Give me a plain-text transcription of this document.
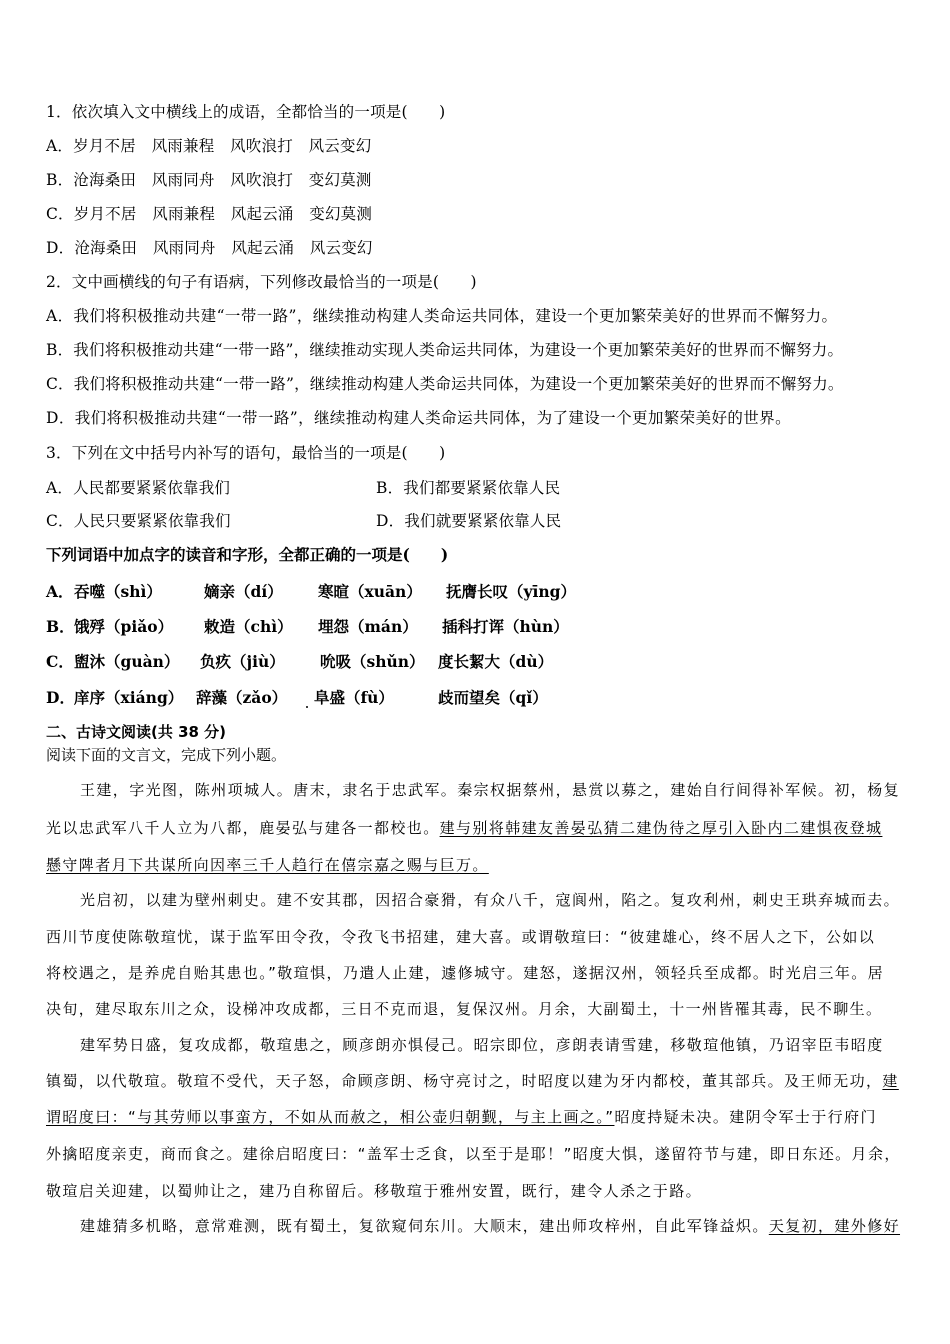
1．依次填入文中横线上的成语，全都恰当的一项是(　　)
A．岁月不居　风雨兼程　风吹浪打　风云变幻
B．沧海桑田　风雨同舟　风吹浪打　变幻莫测
C．岁月不居　风雨兼程　风起云涌　变幻莫测
D．沧海桑田　风雨同舟　风起云涌　风云变幻
2．文中画横线的句子有语病，下列修改最恰当的一项是(　　)
A．我们将积极推动共建“一带一路”，继续推动构建人类命运共同体，建设一个更加繁荣美好的世界而不懈努力。
B．我们将积极推动共建“一带一路”，继续推动实现人类命运共同体，为建设一个更加繁荣美好的世界而不懈努力。
C．我们将积极推动共建“一带一路”，继续推动构建人类命运共同体，为建设一个更加繁荣美好的世界而不懈努力。
D．我们将积极推动共建“一带一路”，继续推动构建人类命运共同体，为了建设一个更加繁荣美好的世界。
3．下列在文中括号内补写的语句，最恰当的一项是(　　)
A．人民都要紧紧依靠我们	B．我们都要紧紧依靠人民
C．人民只要紧紧依靠我们	D．我们就要紧紧依靠人民
下列词语中加点字的读音和字形，全都正确的一项是(　　)
A． 吞噬（shì）	嫡亲（dí） 寒暄（xuān） 抚膺长叹（yīng）
B． 饿殍（piǎo） 敕造（chì） 埋怨（mán） 插科打诨（hùn）
C． 盥沐（guàn） 负疚（jiù） 吮吸（shǔn） 度长絜大（dù）
D． 庠序（xiáng） 辞藻（zǎo） 阜盛（fù）	歧而望矣（qǐ）
二、古诗文阅读(共 38 分)
阅读下面的文言文，完成下列小题。
王建，字光图，陈州项城人。唐末，隶名于忠武军。秦宗权据蔡州，悬赏以募之，建始自行间得补军候。初，杨复
光以忠武军八千人立为八都，鹿晏弘与建各一都校也。建与别将韩建友善晏弘猜二建伪待之厚引入卧内二建惧夜登城
懸守陴者月下共谋所向因率三千人趋行在僖宗嘉之赐与巨万。
光启初，以建为壁州刺史。建不安其郡，因招合豪猾，有众八千，寇阆州，陷之。复攻利州，刺史王珙弃城而去。
西川节度使陈敬瑄忧，谋于监军田令孜，令孜飞书招建，建大喜。或谓敬瑄曰：“彼建雄心，终不居人之下，公如以
将校遇之，是养虎自贻其患也。”敬瑄惧，乃遣人止建，遽修城守。建怒，遂据汉州，领轻兵至成都。时光启三年。居
决旬，建尽取东川之众，设梯冲攻成都，三日不克而退，复保汉州。月余，大副蜀土，十一州皆罹其毒，民不聊生。
建军势日盛，复攻成都，敬瑄患之，顾彦朗亦惧侵己。昭宗即位，彦朗表请雪建，移敬瑄他镇，乃诏宰臣韦昭度
镇蜀，以代敬瑄。敬瑄不受代，天子怒，命顾彦朗、杨守亮讨之，时昭度以建为牙内都校，董其部兵。及王师无功，建
谓昭度曰：“与其劳师以事蛮方，不如从而赦之，相公壶归朝觐，与主上画之。”昭度持疑未决。建阴令军士于行府门
外擒昭度亲吏，商而食之。建徐启昭度曰：“盖军士乏食，以至于是耶！”昭度大惧，遂留符节与建，即日东还。月余，
敬瑄启关迎建，以蜀帅让之，建乃自称留后。移敬瑄于雅州安置，既行，建令人杀之于路。
建雄猜多机略，意常难测，既有蜀土，复欲窥伺东川。大顺末，建出师攻梓州，自此军锋益炽。天复初，建外修好
